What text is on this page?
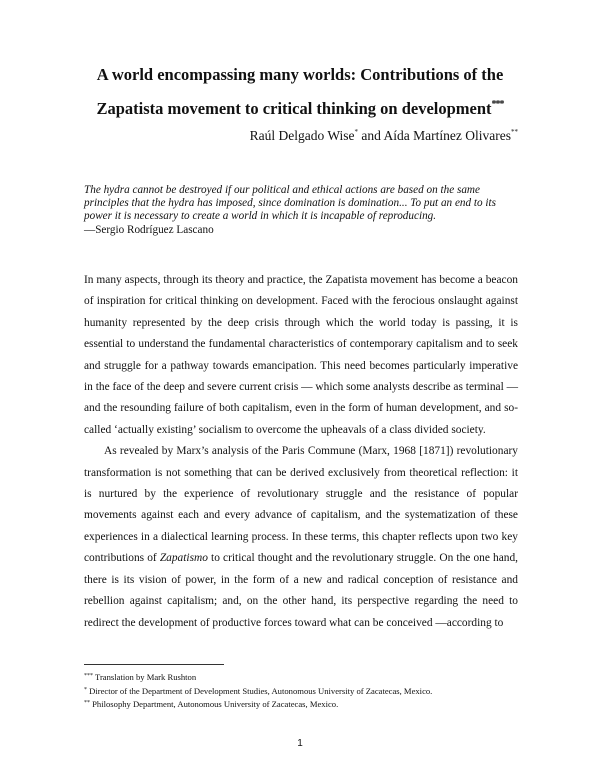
A world encompassing many worlds: Contributions of the
Zapatista movement to critical thinking on development***
Raúl Delgado Wise* and Aída Martínez Olivares**
The hydra cannot be destroyed if our political and ethical actions are based on the same principles that the hydra has imposed, since domination is domination... To put an end to its power it is necessary to create a world in which it is incapable of reproducing.
—Sergio Rodríguez Lascano

In many aspects, through its theory and practice, the Zapatista movement has become a beacon of inspiration for critical thinking on development. Faced with the ferocious onslaught against humanity represented by the deep crisis through which the world today is passing, it is essential to understand the fundamental characteristics of contemporary capitalism and to seek and struggle for a pathway towards emancipation. This need becomes particularly imperative in the face of the deep and severe current crisis — which some analysts describe as terminal — and the resounding failure of both capitalism, even in the form of human development, and so-called ‘actually existing’ socialism to overcome the upheavals of a class divided society.

As revealed by Marx’s analysis of the Paris Commune (Marx, 1968 [1871]) revolutionary transformation is not something that can be derived exclusively from theoretical reflection: it is nurtured by the experience of revolutionary struggle and the resistance of popular movements against each and every advance of capitalism, and the systematization of these experiences in a dialectical learning process. In these terms, this chapter reflects upon two key contributions of Zapatismo to critical thought and the revolutionary struggle. On the one hand, there is its vision of power, in the form of a new and radical conception of resistance and rebellion against capitalism; and, on the other hand, its perspective regarding the need to redirect the development of productive forces toward what can be conceived —according to

*** Translation by Mark Rushton
* Director of the Department of Development Studies, Autonomous University of Zacatecas, Mexico.
** Philosophy Department, Autonomous University of Zacatecas, Mexico.
1
